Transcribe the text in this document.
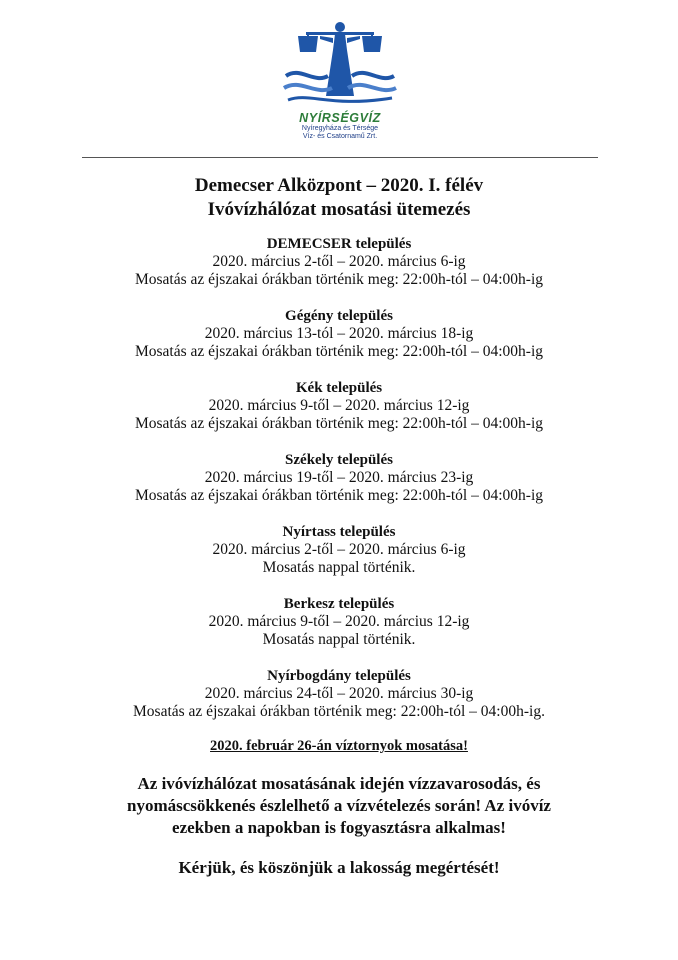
NYÍRSÉGVÍZ
Nyíregyháza és Térsége
Víz- és Csatornamű Zrt.

Demecser Alközpont – 2020. I. félév

Ivóvízhálózat mosatási ütemezés

DEMECSER település
2020. március 2-től – 2020. március 6-ig
Mosatás az éjszakai órákban történik meg: 22:00h-tól – 04:00h-ig
Gégény település
2020. március 13-tól – 2020. március 18-ig
Mosatás az éjszakai órákban történik meg: 22:00h-tól – 04:00h-ig
Kék település
2020. március 9-től – 2020. március 12-ig
Mosatás az éjszakai órákban történik meg: 22:00h-tól – 04:00h-ig
Székely település
2020. március 19-től – 2020. március 23-ig
Mosatás az éjszakai órákban történik meg: 22:00h-tól – 04:00h-ig
Nyírtass település
2020. március 2-től – 2020. március 6-ig
Mosatás nappal történik.
Berkesz település
2020. március 9-től – 2020. március 12-ig
Mosatás nappal történik.
Nyírbogdány település
2020. március 24-től – 2020. március 30-ig
Mosatás az éjszakai órákban történik meg: 22:00h-tól – 04:00h-ig.
2020. február 26-án víztornyok mosatása!
Az ivóvízhálózat mosatásának idején vízzavarosodás, és
nyomáscsökkenés észlelhető a vízvételezés során! Az ivóvíz
ezekben a napokban is fogyasztásra alkalmas!
Kérjük, és köszönjük a lakosság megértését!
